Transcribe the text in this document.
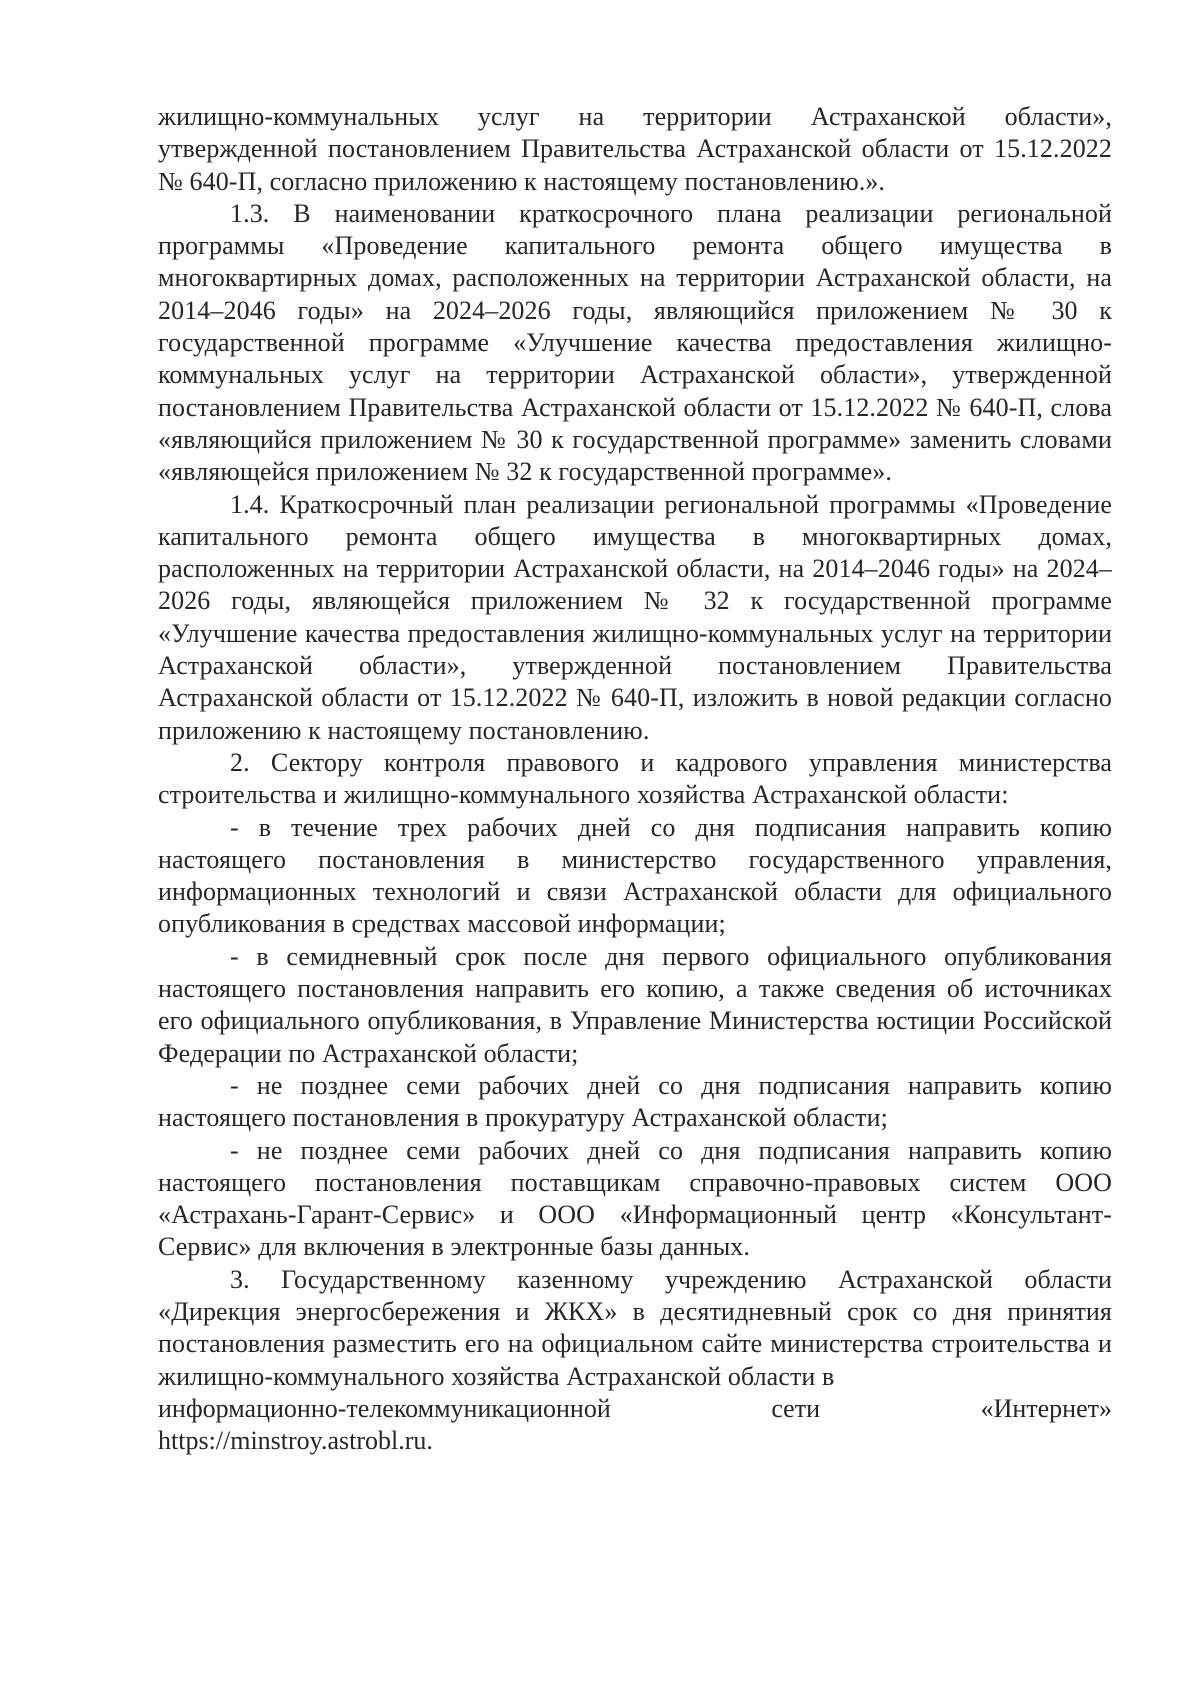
жилищно-коммунальных услуг на территории Астраханской области», утвержденной постановлением Правительства Астраханской области от 15.12.2022 № 640-П, согласно приложению к настоящему постановлению.».

1.3. В наименовании краткосрочного плана реализации региональной программы «Проведение капитального ремонта общего имущества в многоквартирных домах, расположенных на территории Астраханской области, на 2014–2046 годы» на 2024–2026 годы, являющийся приложением № 30 к государственной программе «Улучшение качества предоставления жилищно-коммунальных услуг на территории Астраханской области», утвержденной постановлением Правительства Астраханской области от 15.12.2022 № 640-П, слова «являющийся приложением № 30 к государственной программе» заменить словами «являющейся приложением № 32 к государственной программе».

1.4. Краткосрочный план реализации региональной программы «Проведение капитального ремонта общего имущества в многоквартирных домах, расположенных на территории Астраханской области, на 2014–2046 годы» на 2024–2026 годы, являющейся приложением № 32 к государственной программе «Улучшение качества предоставления жилищно-коммунальных услуг на территории Астраханской области», утвержденной постановлением Правительства Астраханской области от 15.12.2022 № 640-П, изложить в новой редакции согласно приложению к настоящему постановлению.

2. Сектору контроля правового и кадрового управления министерства строительства и жилищно-коммунального хозяйства Астраханской области:

- в течение трех рабочих дней со дня подписания направить копию настоящего постановления в министерство государственного управления, информационных технологий и связи Астраханской области для официального опубликования в средствах массовой информации;

- в семидневный срок после дня первого официального опубликования настоящего постановления направить его копию, а также сведения об источниках его официального опубликования, в Управление Министерства юстиции Российской Федерации по Астраханской области;

- не позднее семи рабочих дней со дня подписания направить копию настоящего постановления в прокуратуру Астраханской области;

- не позднее семи рабочих дней со дня подписания направить копию настоящего постановления поставщикам справочно-правовых систем ООО «Астрахань-Гарант-Сервис» и ООО «Информационный центр «Консультант- Сервис» для включения в электронные базы данных.

3. Государственному казенному учреждению Астраханской области «Дирекция энергосбережения и ЖКХ» в десятидневный срок со дня принятия постановления разместить его на официальном сайте министерства строительства и жилищно-коммунального хозяйства Астраханской области в

информационно-телекоммуникационной сети «Интернет»

https://minstroy.astrobl.ru.
